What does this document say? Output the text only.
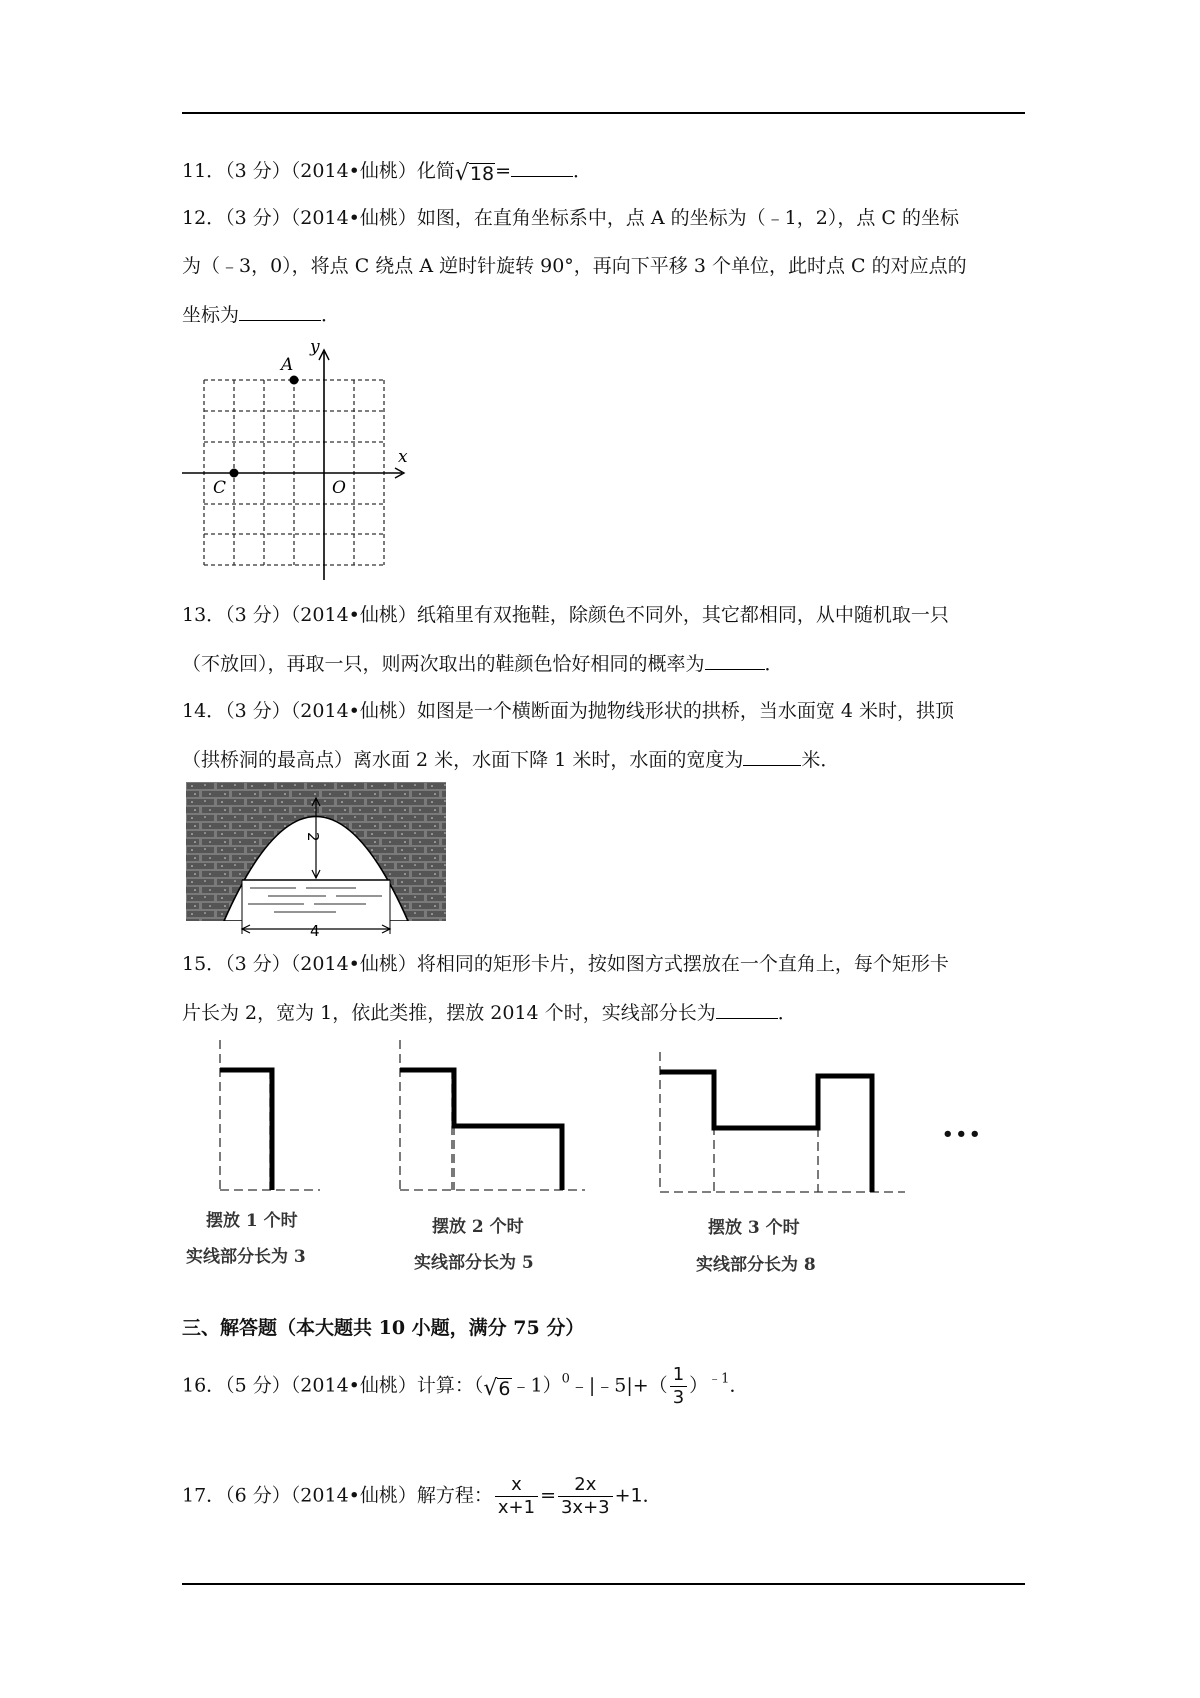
11．（3 分）（2014•仙桃）化简√18=	．
12．（3 分）（2014•仙桃）如图，在直角坐标系中，点 A 的坐标为（﹣1，2），点 C 的坐标
为（﹣3，0），将点 C 绕点 A 逆时针旋转 90°，再向下平移 3 个单位，此时点 C 的对应点的
坐标为	．
A
C	O
x
y
13．（3 分）（2014•仙桃）纸箱里有双拖鞋，除颜色不同外，其它都相同，从中随机取一只
（不放回），再取一只，则两次取出的鞋颜色恰好相同的概率为	．
14．（3 分）（2014•仙桃）如图是一个横断面为抛物线形状的拱桥，当水面宽 4 米时，拱顶
（拱桥洞的最高点）离水面 2 米，水面下降 1 米时，水面的宽度为	米．
2
4
15．（3 分）（2014•仙桃）将相同的矩形卡片，按如图方式摆放在一个直角上，每个矩形卡
片长为 2，宽为 1，依此类推，摆放 2014 个时，实线部分长为	．
摆放 1 个时
实线部分长为 3
摆放 2 个时
实线部分长为 5
摆放 3 个时
实线部分长为 8
•••
三、解答题（本大题共 10 小题，满分 75 分）
16．（5 分）（2014•仙桃）计算：（√6﹣1）$^0$﹣|﹣5|+（ $\frac{1}{3} )^{﹣1}$．
17．（6 分）（2014•仙桃）解方程： $\frac{x}{x+1} = \frac{2x}{3x+3} +1$．
